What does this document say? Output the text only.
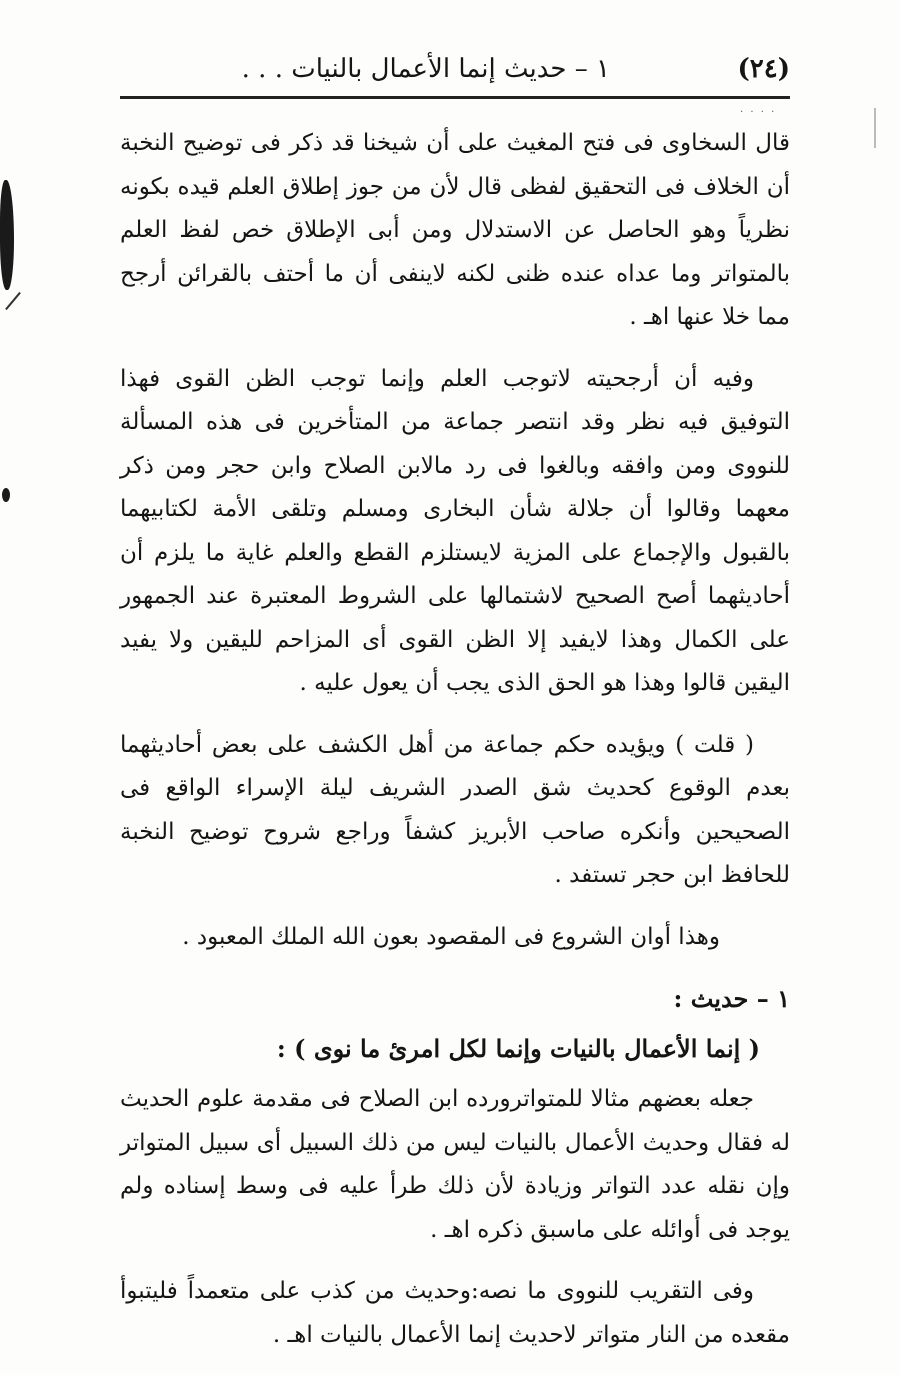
(٢٤)
١ – حديث إنما الأعمال بالنيات . . .
. . . .

قال السخاوى فى فتح المغيث على أن شيخنا قد ذكر فى توضيح النخبة أن الخلاف فى التحقيق لفظى قال لأن من جوز إطلاق العلم قيده بكونه نظرياً وهو الحاصل عن الاستدلال ومن أبى الإطلاق خص لفظ العلم بالمتواتر وما عداه عنده ظنى لكنه لاينفى أن ما أحتف بالقرائن أرجح مما خلا عنها اهـ .

وفيه أن أرجحيته لاتوجب العلم وإنما توجب الظن القوى فهذا التوفيق فيه نظر وقد انتصر جماعة من المتأخرين فى هذه المسألة للنووى ومن وافقه وبالغوا فى رد مالابن الصلاح وابن حجر ومن ذكر معهما وقالوا أن جلالة شأن البخارى ومسلم وتلقى الأمة لكتابيهما بالقبول والإجماع على المزية لايستلزم القطع والعلم غاية ما يلزم أن أحاديثهما أصح الصحيح لاشتمالها على الشروط المعتبرة عند الجمهور على الكمال وهذا لايفيد إلا الظن القوى أى المزاحم لليقين ولا يفيد اليقين قالوا وهذا هو الحق الذى يجب أن يعول عليه .

( قلت ) ويؤيده حكم جماعة من أهل الكشف على بعض أحاديثهما بعدم الوقوع كحديث شق الصدر الشريف ليلة الإسراء الواقع فى الصحيحين وأنكره صاحب الأبريز كشفاً وراجع شروح توضيح النخبة للحافظ ابن حجر تستفد .

وهذا أوان الشروع فى المقصود بعون الله الملك المعبود .

١ – حديث :
( إنما الأعمال بالنيات وإنما لكل امرئ ما نوى ) :

جعله بعضهم مثالا للمتواترورده ابن الصلاح فى مقدمة علوم الحديث له فقال وحديث الأعمال بالنيات ليس من ذلك السبيل أى سبيل المتواتر وإن نقله عدد التواتر وزيادة لأن ذلك طرأ عليه فى وسط إسناده ولم يوجد فى أوائله على ماسبق ذكره اهـ .

وفى التقريب للنووى ما نصه:وحديث من كذب على متعمداً فليتبوأ مقعده من النار متواتر لاحديث إنما الأعمال بالنيات اهـ .
